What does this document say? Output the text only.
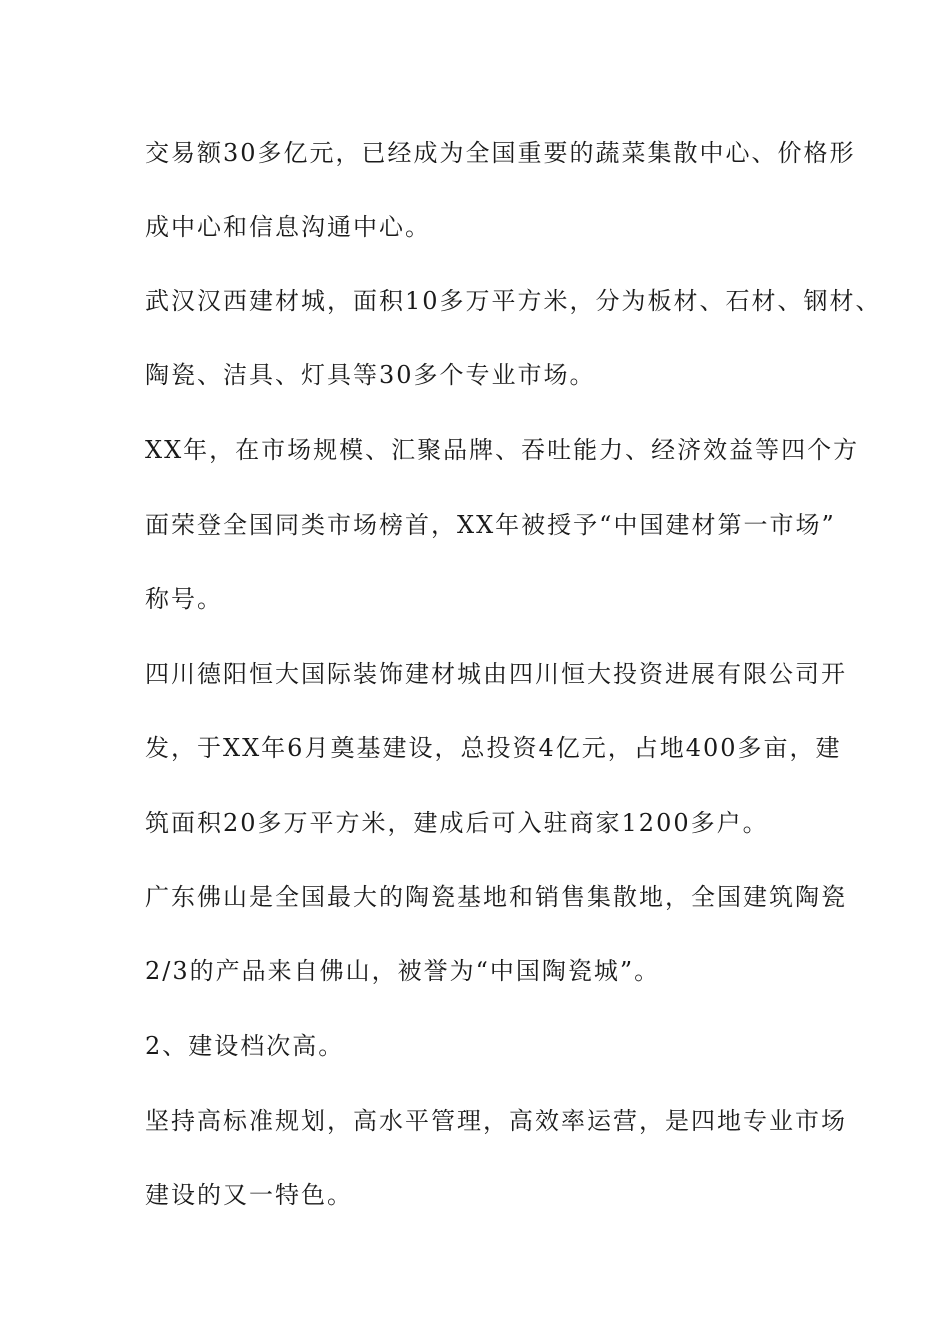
交易额30多亿元，已经成为全国重要的蔬菜集散中心、价格形
成中心和信息沟通中心。
武汉汉西建材城，面积10多万平方米，分为板材、石材、钢材、
陶瓷、洁具、灯具等30多个专业市场。
XX年，在市场规模、汇聚品牌、吞吐能力、经济效益等四个方
面荣登全国同类市场榜首，XX年被授予“中国建材第一市场”
称号。
四川德阳恒大国际装饰建材城由四川恒大投资进展有限公司开
发，于XX年6月奠基建设，总投资4亿元，占地400多亩，建
筑面积20多万平方米，建成后可入驻商家1200多户。
广东佛山是全国最大的陶瓷基地和销售集散地，全国建筑陶瓷
2/3的产品来自佛山，被誉为“中国陶瓷城”。
2、建设档次高。
坚持高标准规划，高水平管理，高效率运营，是四地专业市场
建设的又一特色。
